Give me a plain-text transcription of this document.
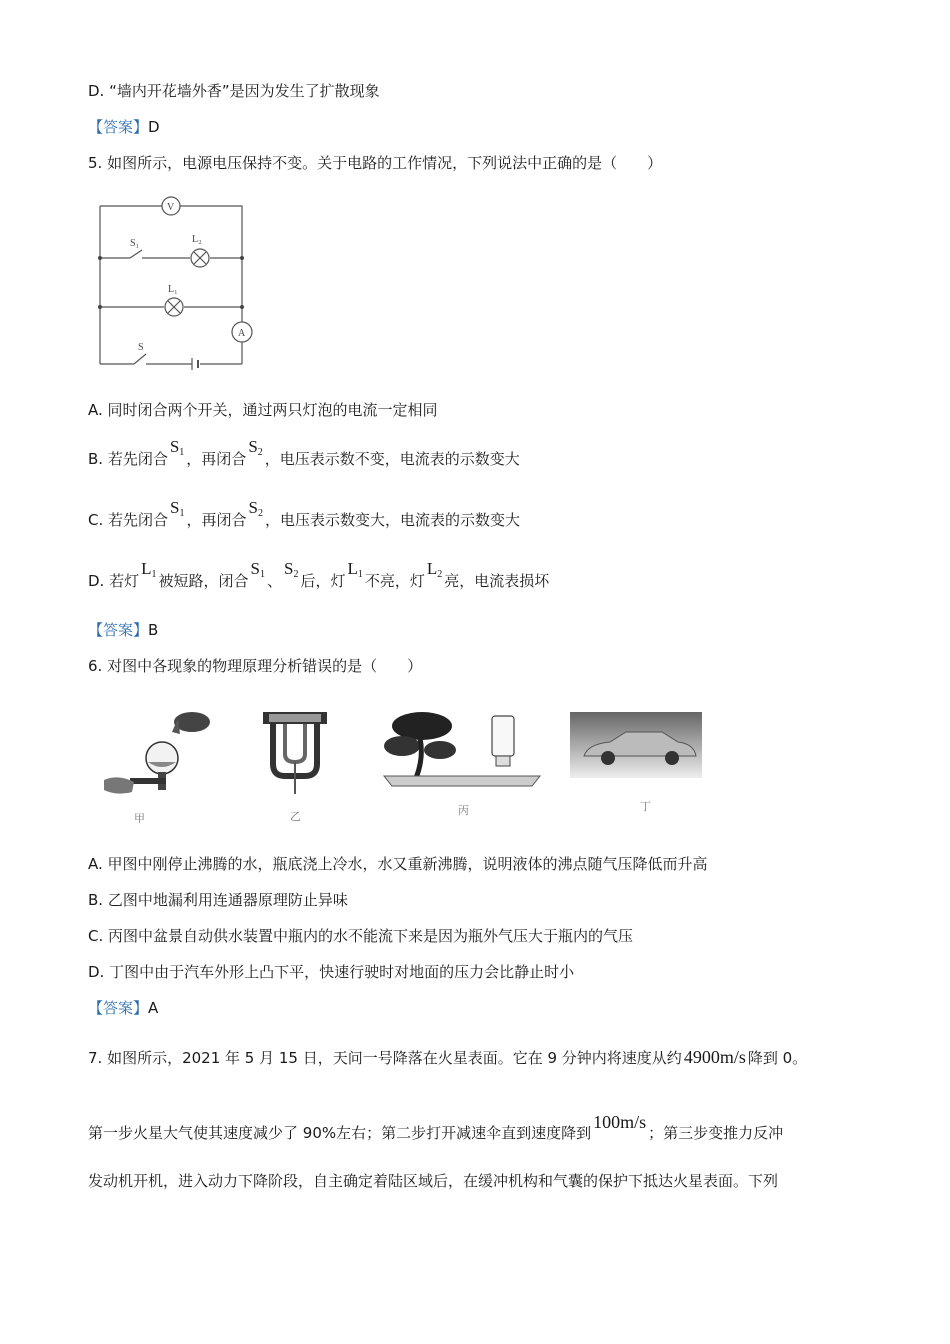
D. “墙内开花墙外香”是因为发生了扩散现象
【答案】D
5. 如图所示，电源电压保持不变。关于电路的工作情况，下列说法中正确的是（　　）
V
A
S₁	L₂
L₁
S
A. 同时闭合两个开关，通过两只灯泡的电流一定相同
B. 若先闭合$S_1$ ，再闭合$S_2$ ，电压表示数不变，电流表的示数变大
C. 若先闭合$S_1$ ，再闭合$S_2$ ，电压表示数变大，电流表的示数变大
D. 若灯$L_1$ 被短路，闭合$S_1$ 、$S_2$ 后，灯$L_1$ 不亮，灯$L_2$ 亮，电流表损坏
【答案】B
6. 对图中各现象的物理原理分析错误的是（　　）
甲	乙	丙	丁
A. 甲图中刚停止沸腾的水，瓶底浇上冷水，水又重新沸腾，说明液体的沸点随气压降低而升高
B. 乙图中地漏利用连通器原理防止异味
C. 丙图中盆景自动供水装置中瓶内的水不能流下来是因为瓶外气压大于瓶内的气压
D. 丁图中由于汽车外形上凸下平，快速行驶时对地面的压力会比静止时小
【答案】A
7. 如图所示，2021 年 5 月 15 日，天问一号降落在火星表面。它在 9 分钟内将速度从约 4900m/s 降到 0。
第一步火星大气使其速度减少了 90%左右；第二步打开减速伞直到速度降到100m/s；第三步变推力反冲
发动机开机，进入动力下降阶段，自主确定着陆区域后，在缓冲机构和气囊的保护下抵达火星表面。下列
